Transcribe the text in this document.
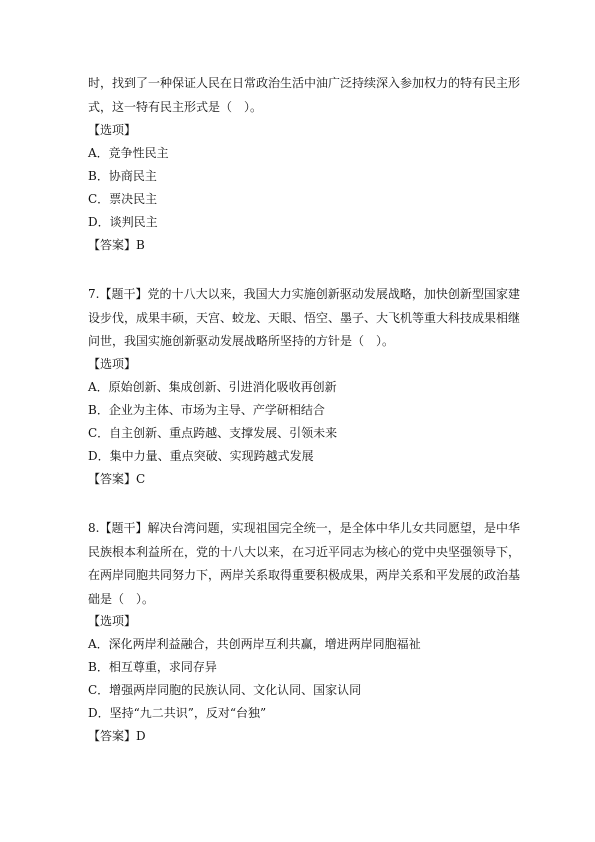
时，找到了一种保证人民在日常政治生活中油广泛持续深入参加权力的特有民主形式，这一特有民主形式是（　）。

【选项】

A．竞争性民主

B．协商民主

C．票决民主

D．谈判民主

【答案】B

7.【题干】党的十八大以来，我国大力实施创新驱动发展战略，加快创新型国家建设步伐，成果丰硕，天宫、蛟龙、天眼、悟空、墨子、大飞机等重大科技成果相继问世，我国实施创新驱动发展战略所坚持的方针是（　）。

【选项】

A．原始创新、集成创新、引进消化吸收再创新

B．企业为主体、市场为主导、产学研相结合

C．自主创新、重点跨越、支撑发展、引领未来

D．集中力量、重点突破、实现跨越式发展

【答案】C

8.【题干】解决台湾问题，实现祖国完全统一，是全体中华儿女共同愿望，是中华民族根本利益所在，党的十八大以来，在习近平同志为核心的党中央坚强领导下，在两岸同胞共同努力下，两岸关系取得重要积极成果，两岸关系和平发展的政治基础是（　）。

【选项】

A．深化两岸利益融合，共创两岸互利共赢，增进两岸同胞福祉

B．相互尊重，求同存异

C．增强两岸同胞的民族认同、文化认同、国家认同

D．坚持“九二共识”，反对“台独”

【答案】D
